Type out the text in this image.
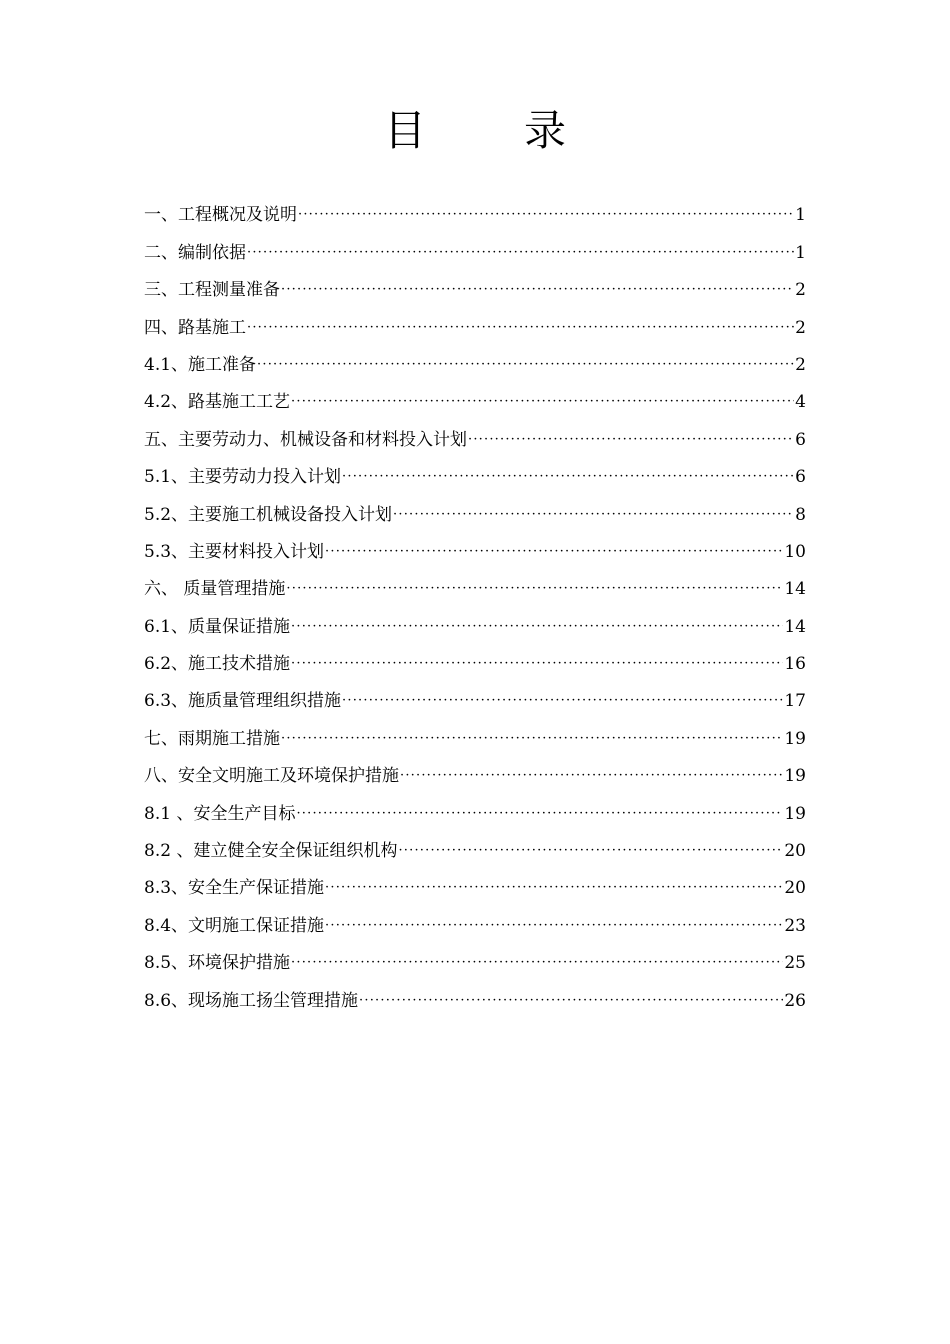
目 录
一、工程概况及说明 ·····	1
二、编制依据 ·····	1
三、工程测量准备 ·····	2
四、路基施工 ·····	2
4.1、施工准备 ·····	2
4.2、路基施工工艺 ·····	4
五、主要劳动力、机械设备和材料投入计划 ·····	6
5.1、主要劳动力投入计划 ·····	6
5.2、主要施工机械设备投入计划 ·····	8
5.3、主要材料投入计划 ·····	10
六、 质量管理措施 ·····	14
6.1、质量保证措施 ·····	14
6.2、施工技术措施 ·····	16
6.3、施质量管理组织措施 ·····	17
七、雨期施工措施 ·····	19
八、安全文明施工及环境保护措施 ·····	19
8.1 、安全生产目标 ·····	19
8.2 、建立健全安全保证组织机构 ·····	20
8.3、安全生产保证措施 ·····	20
8.4、文明施工保证措施 ·····	23
8.5、环境保护措施 ·····	25
8.6、现场施工扬尘管理措施 ·····	26
